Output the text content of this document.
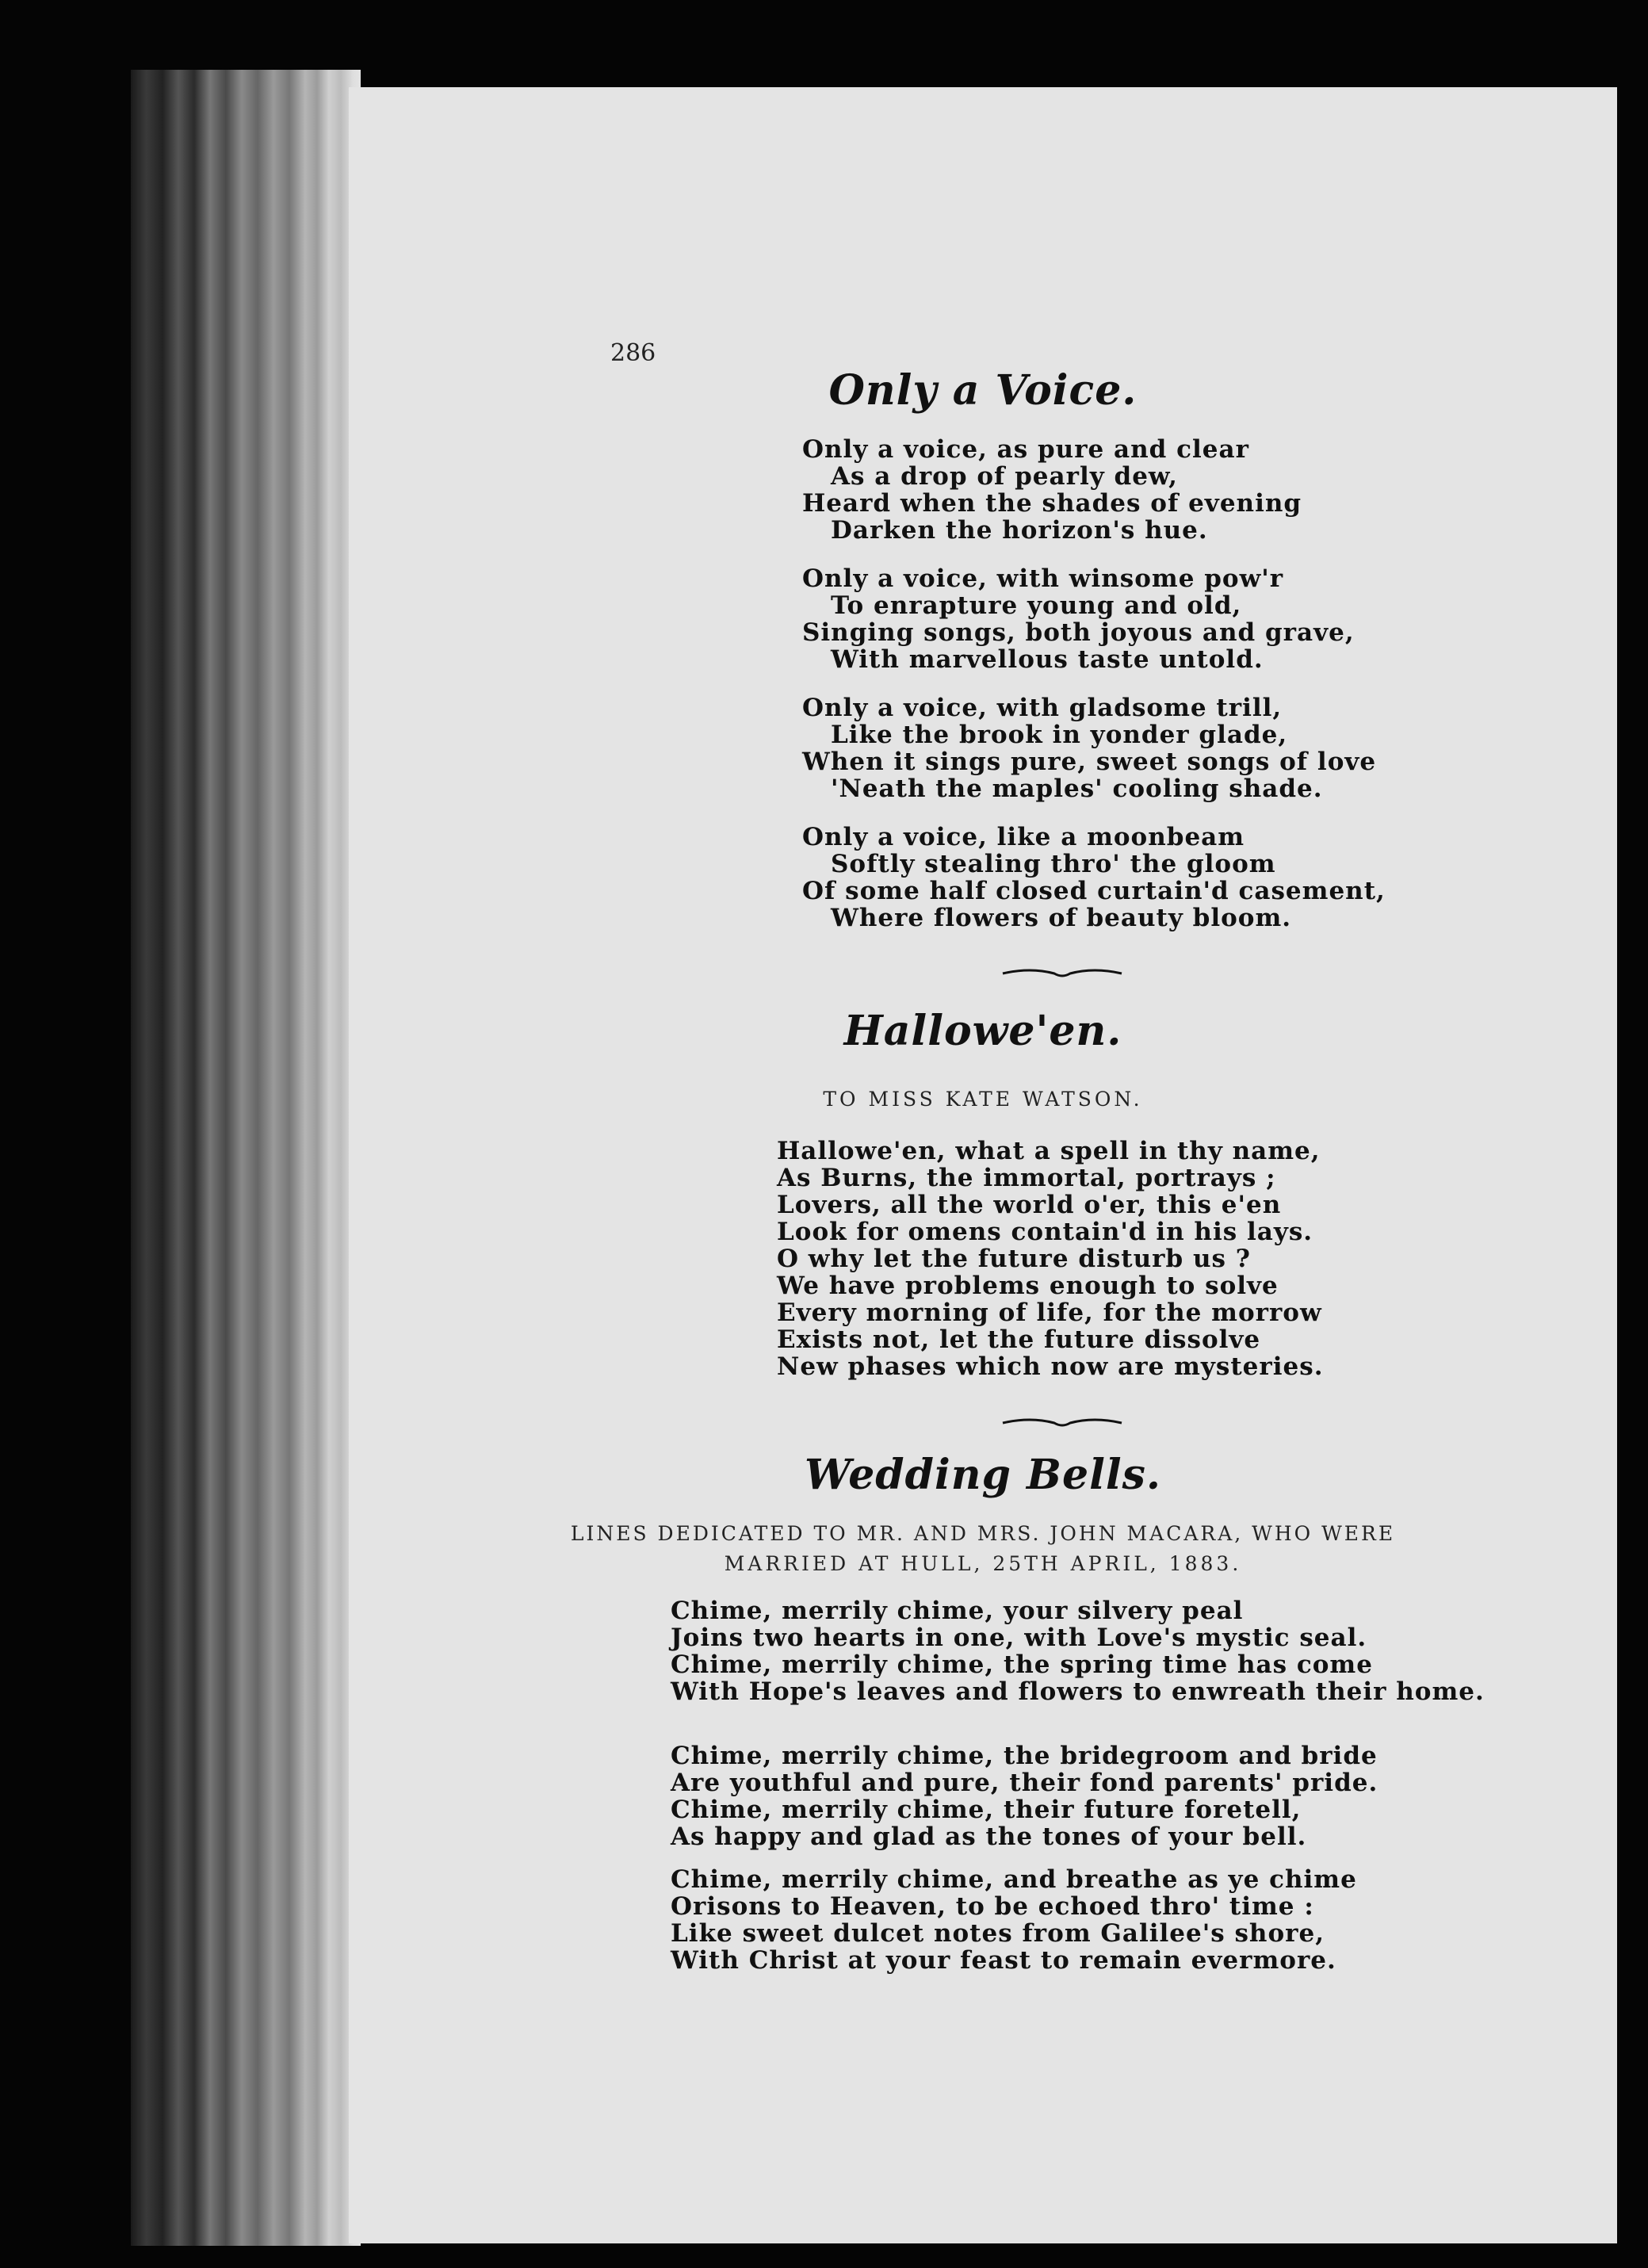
286
Only a Voice.
Only a voice, as pure and clear
As a drop of pearly dew,
Heard when the shades of evening
Darken the horizon's hue.
Only a voice, with winsome pow'r
To enrapture young and old,
Singing songs, both joyous and grave,
With marvellous taste untold.
Only a voice, with gladsome trill,
Like the brook in yonder glade,
When it sings pure, sweet songs of love
'Neath the maples' cooling shade.
Only a voice, like a moonbeam
Softly stealing thro' the gloom
Of some half closed curtain'd casement,
Where flowers of beauty bloom.
Hallowe'en.
TO MISS KATE WATSON.
Hallowe'en, what a spell in thy name,
As Burns, the immortal, portrays ;
Lovers, all the world o'er, this e'en
Look for omens contain'd in his lays.
O why let the future disturb us ?
We have problems enough to solve
Every morning of life, for the morrow
Exists not, let the future dissolve
New phases which now are mysteries.
Wedding Bells.
LINES DEDICATED TO MR. AND MRS. JOHN MACARA, WHO WERE
MARRIED AT HULL, 25TH APRIL, 1883.
Chime, merrily chime, your silvery peal
Joins two hearts in one, with Love's mystic seal.
Chime, merrily chime, the spring time has come
With Hope's leaves and flowers to enwreath their home.
Chime, merrily chime, the bridegroom and bride
Are youthful and pure, their fond parents' pride.
Chime, merrily chime, their future foretell,
As happy and glad as the tones of your bell.
Chime, merrily chime, and breathe as ye chime
Orisons to Heaven, to be echoed thro' time :
Like sweet dulcet notes from Galilee's shore,
With Christ at your feast to remain evermore.
